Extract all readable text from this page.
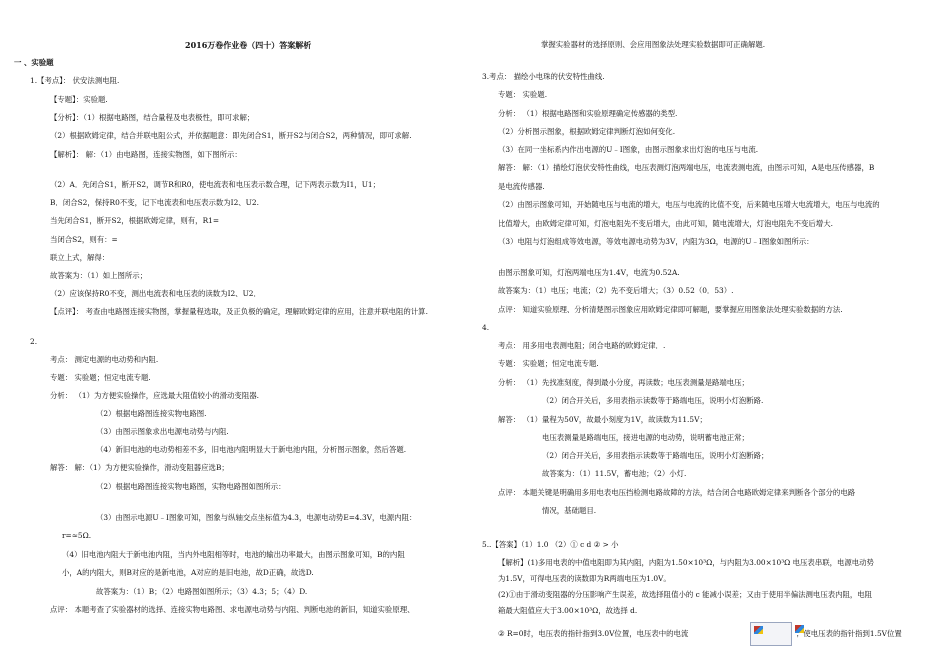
2016万卷作业卷（四十）答案解析
一 、实验题
1.【考点】： 伏安法测电阻.
【专题】：实验题.
【分析】：（1）根据电路图，结合量程及电表极性，即可求解；
（2）根据欧姆定律，结合并联电阻公式，并依据题意：即先闭合S1，断开S2与闭合S2，两种情况，即可求解.
【解析】： 解：（1）由电路图，连接实物图，如下图所示：
（2）A．先闭合S1，断开S2，调节R和R0，使电流表和电压表示数合理，记下两表示数为I1，U1；
B．闭合S2，保持R0不变，记下电流表和电压表示数为I2、U2.
当先闭合S1，断开S2，根据欧姆定律，则有，R1=
当闭合S2，则有：=
联立上式，解得：
故答案为：（1）如上图所示；
（2）应该保持R0不变，测出电流表和电压表的读数为I2、U2．
【点评】： 考查由电路图连接实物图，掌握量程选取，及正负极的确定，理解欧姆定律的应用，注意并联电阻的计算.
2.
考点： 测定电源的电动势和内阻.
专题： 实验题；恒定电流专题.
分析： （1）为方便实验操作，应选最大阻值较小的滑动变阻器.
（2）根据电路图连接实物电路图.
（3）由图示图象求出电源电动势与内阻.
（4）新旧电池的电动势相差不多，旧电池内阻明显大于新电池内阻，分析图示图象，然后答题.
解答： 解：（1）为方便实验操作，滑动变阻器应选B；
（2）根据电路图连接实物电路图，实物电路图如图所示：
（3）由图示电源U﹣I图象可知，图象与纵轴交点坐标值为4.3，电源电动势E=4.3V，电源内阻：
r=≈5Ω.
（4）旧电池内阻大于新电池内阻，当内外电阻相等时，电池的输出功率最大，由图示图象可知，B的内阻
小，A的内阻大，则B对应的是新电池，A对应的是旧电池，故D正确，故选D.
故答案为：（1）B；（2）电路图如图所示；（3）4.3；5；（4）D.
点评： 本题考查了实验器材的选择、连接实物电路图、求电源电动势与内阻、判断电池的新旧，知道实验原理、
掌握实验器材的选择原则、会应用图象法处理实验数据即可正确解题.
3.考点： 描绘小电珠的伏安特性曲线.
专题： 实验题.
分析： （1）根据电路图和实验原理确定传感器的类型.
（2）分析图示图象，根据欧姆定律判断灯泡如何变化.
（3）在同一坐标系内作出电源的U﹣I图象，由图示图象求出灯泡的电压与电流.
解答： 解：（1）描绘灯泡伏安特性曲线，电压表测灯泡两端电压，电流表测电流，由图示可知，A是电压传感器，B
是电流传感器.
（2）由图示图象可知，开始随电压与电流的增大，电压与电流的比值不变，后来随电压增大电流增大，电压与电流的
比值增大，由欧姆定律可知，灯泡电阻先不变后增大，由此可知，随电流增大，灯泡电阻先不变后增大.
（3）电阻与灯泡组成等效电源，等效电源电动势为3V，内阻为3Ω，电源的U﹣I图象如图所示：
由图示图象可知，灯泡两端电压为1.4V，电流为0.52A.
故答案为：（1）电压；电流；（2）先不变后增大；（3）0.52（0．53）.
点评： 知道实验原理、分析清楚图示图象应用欧姆定律即可解题，要掌握应用图象法处理实验数据的方法.
4.
考点： 用多用电表测电阻；闭合电路的欧姆定律．.
专题： 实验题；恒定电流专题.
分析： （1）先找准刻度，得到最小分度，再读数；电压表测量是路端电压；
（2）闭合开关后，多用表指示读数等于路端电压，说明小灯泡断路.
解答： （1）量程为50V，故最小刻度为1V，故读数为11.5V；
电压表测量是路端电压，接进电源的电动势，说明蓄电池正常；
（2）闭合开关后，多用表指示读数等于路端电压，说明小灯泡断路；
故答案为：（1）11.5V，蓄电池；（2）小灯.
点评： 本题关键是明确用多用电表电压挡检测电路故障的方法，结合闭合电路欧姆定律来判断各个部分的电路
情况，基础题目.
5..【答案】（1）1.0 （2）① c d ② > 小
【解析】(1)多用电表的中值电阻即为其内阻，内阻为1.50×10³Ω，与内阻为3.00×10³Ω 电压表串联，电源电动势
为1.5V，可得电压表的读数即为R两端电压为1.0V。
(2)①由于滑动变阻器的分压影响产生误差，故选择阻值小的 c 能减小误差；又由于使用半偏法测电压表内阻，电阻
箱最大阻值应大于3.00×10³Ω，故选择 d.
② R=0时，电压表的指针指到3.0V位置，电压表中的电流	；使电压表的指针指到1.5V位置
